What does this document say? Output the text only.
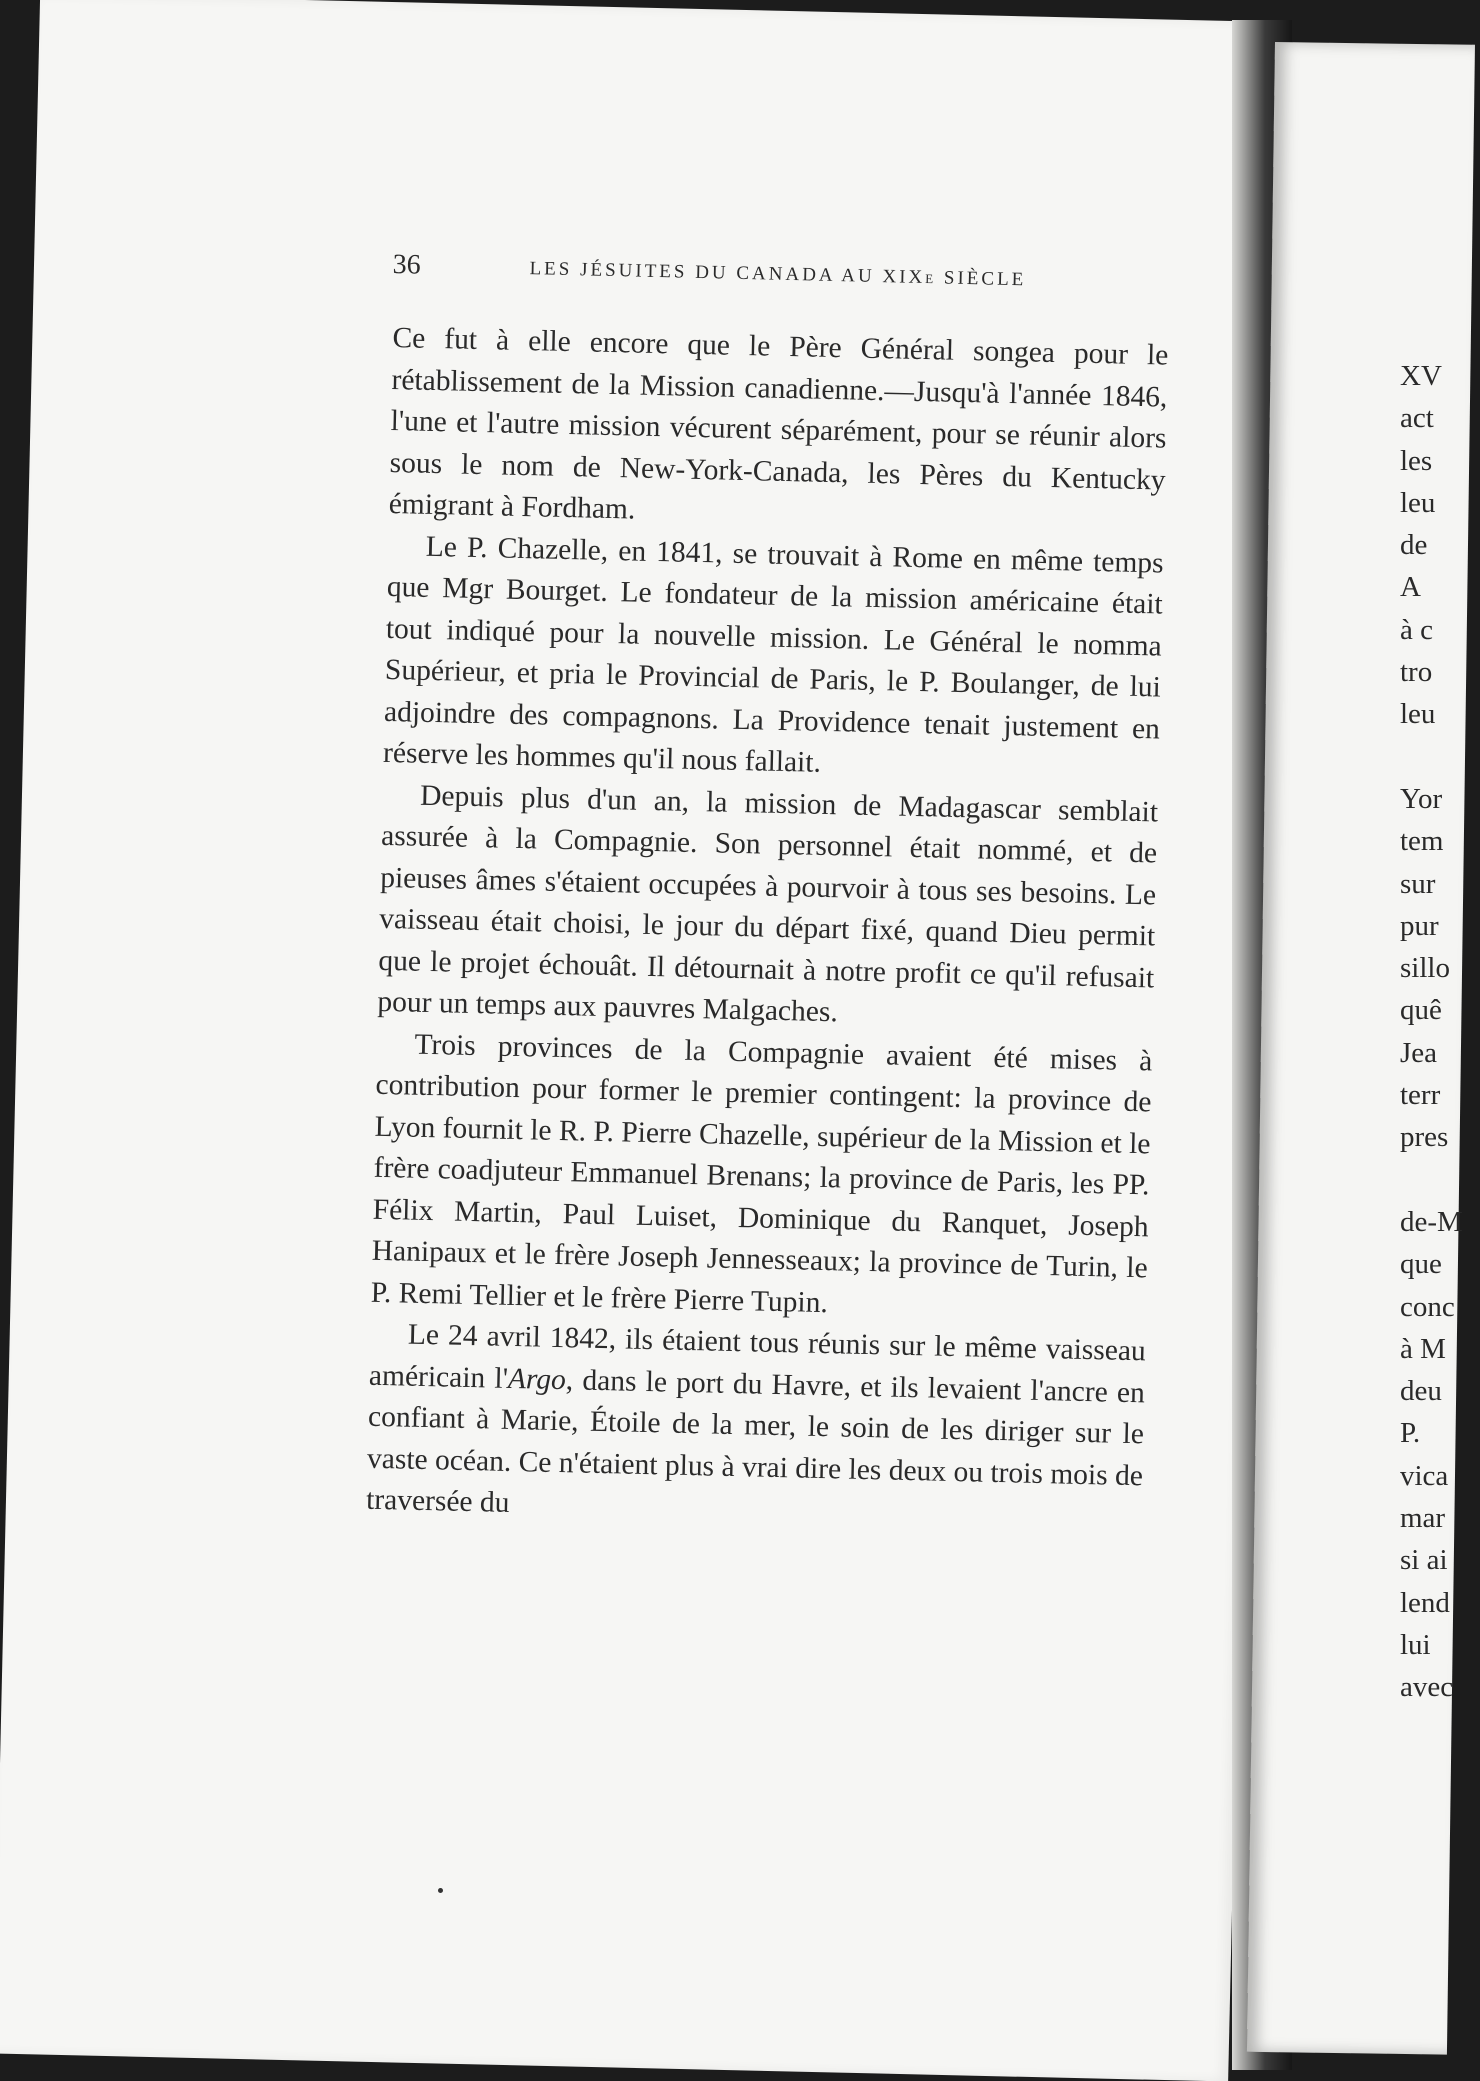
36	LES JÉSUITES DU CANADA AU XIXe SIÈCLE

Ce fut à elle encore que le Père Général songea pour le rétablissement de la Mission canadienne.—Jusqu'à l'année 1846, l'une et l'autre mission vécurent séparément, pour se réunir alors sous le nom de New-York-Canada, les Pères du Kentucky émigrant à Fordham.

Le P. Chazelle, en 1841, se trouvait à Rome en même temps que Mgr Bourget. Le fondateur de la mission américaine était tout indiqué pour la nouvelle mission. Le Général le nomma Supérieur, et pria le Provincial de Paris, le P. Boulanger, de lui adjoindre des compagnons. La Providence tenait justement en réserve les hommes qu'il nous fallait.

Depuis plus d'un an, la mission de Madagascar semblait assurée à la Compagnie. Son personnel était nommé, et de pieuses âmes s'étaient occupées à pourvoir à tous ses besoins. Le vaisseau était choisi, le jour du départ fixé, quand Dieu permit que le projet échouât. Il détournait à notre profit ce qu'il refusait pour un temps aux pauvres Malgaches.

Trois provinces de la Compagnie avaient été mises à contribution pour former le premier contingent: la province de Lyon fournit le R. P. Pierre Chazelle, supérieur de la Mission et le frère coadjuteur Emmanuel Brenans; la province de Paris, les PP. Félix Martin, Paul Luiset, Dominique du Ranquet, Joseph Hanipaux et le frère Joseph Jennesseaux; la province de Turin, le P. Remi Tellier et le frère Pierre Tupin.

Le 24 avril 1842, ils étaient tous réunis sur le même vaisseau américain l'Argo, dans le port du Havre, et ils levaient l'ancre en confiant à Marie, Étoile de la mer, le soin de les diriger sur le vaste océan. Ce n'étaient plus à vrai dire les deux ou trois mois de traversée du

XV
act
les
leu
de
A
à c
tro
leu
Yor
tem
sur
pur
sillo
quê
Jea
terr
pres
de-M
que
conc
à M
deu
P.
vica
mar
si ai
lend
lui
avec
